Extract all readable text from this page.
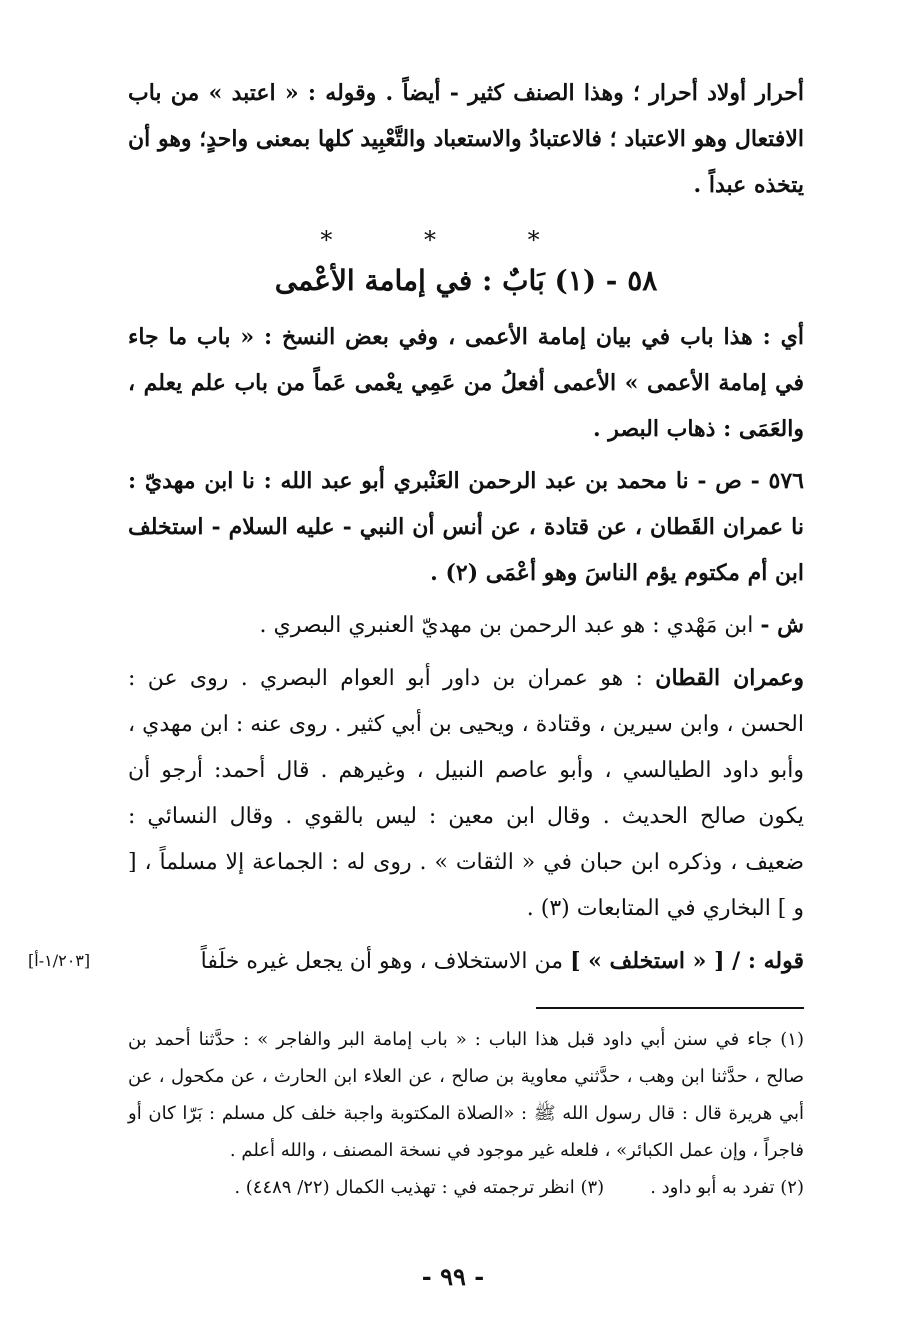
أحرار أولاد أحرار ؛ وهذا الصنف كثير - أيضاً . وقوله : « اعتبد » من باب الافتعال وهو الاعتباد ؛ فالاعتبادُ والاستعباد والتَّعْبِيد كلها بمعنى واحدٍ؛ وهو أن يتخذه عبداً .

* * *
٥٨ - (١) بَابٌ : في إمامة الأعْمى

أي : هذا باب في بيان إمامة الأعمى ، وفي بعض النسخ : « باب ما جاء في إمامة الأعمى » الأعمى أفعلُ من عَمِي يعْمى عَماً من باب علم يعلم ، والعَمَى : ذهاب البصر .

٥٧٦ - ص - نا محمد بن عبد الرحمن العَنْبري أبو عبد الله : نا ابن مهديّ : نا عمران القَطان ، عن قتادة ، عن أنس أن النبي - عليه السلام - استخلف ابن أم مكتوم يؤم الناسَ وهو أعْمَى (٢) .

ش - ابن مَهْدي : هو عبد الرحمن بن مهديّ العنبري البصري .

وعمران القطان : هو عمران بن داور أبو العوام البصري . روى عن : الحسن ، وابن سيرين ، وقتادة ، ويحيى بن أبي كثير . روى عنه : ابن مهدي ، وأبو داود الطيالسي ، وأبو عاصم النبيل ، وغيرهم . قال أحمد: أرجو أن يكون صالح الحديث . وقال ابن معين : ليس بالقوي . وقال النسائي : ضعيف ، وذكره ابن حبان في « الثقات » . روى له : الجماعة إلا مسلماً ، [ و ] البخاري في المتابعات (٣) .

قوله : / [ « استخلف » ] من الاستخلاف ، وهو أن يجعل غيره خلَفاً

[١/٢٠٣-أ]

(١) جاء في سنن أبي داود قبل هذا الباب : « باب إمامة البر والفاجر » : حدَّثنا أحمد بن صالح ، حدَّثنا ابن وهب ، حدَّثني معاوية بن صالح ، عن العلاء ابن الحارث ، عن مكحول ، عن أبي هريرة قال : قال رسول الله ﷺ : «الصلاة المكتوبة واجبة خلف كل مسلم : بَرّا كان أو فاجراً ، وإن عمل الكبائر» ، فلعله غير موجود في نسخة المصنف ، والله أعلم .

(٢) تفرد به أبو داود .
(٣) انظر ترجمته في : تهذيب الكمال (٢٢/ ٤٤٨٩) .
- ٩٩ -
